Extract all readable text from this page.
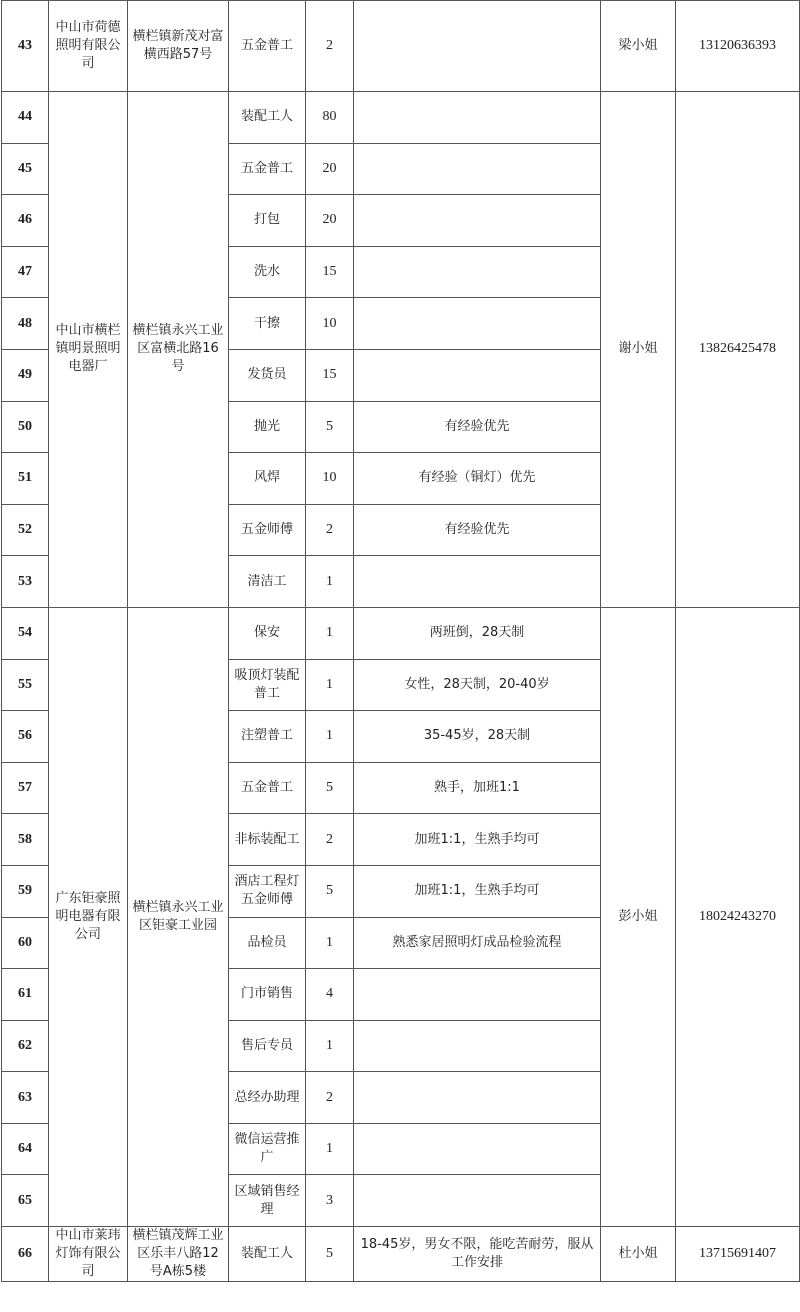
43	中山市荷德照明有限公司	横栏镇新茂对富横西路57号	五金普工	2		梁小姐	13120636393
44	中山市横栏镇明景照明电器厂	横栏镇永兴工业区富横北路16号	装配工人	80		谢小姐	13826425478
45			五金普工	20			
46			打包	20			
47			洗水	15			
48			干擦	10			
49			发货员	15			
50			抛光	5	有经验优先		
51			风焊	10	有经验（铜灯）优先		
52			五金师傅	2	有经验优先		
53			清洁工	1			
54	广东钜豪照明电器有限公司	横栏镇永兴工业区钜豪工业园	保安	1	两班倒，28天制	彭小姐	18024243270
55			吸顶灯装配普工	1	女性，28天制，20-40岁		
56			注塑普工	1	35-45岁，28天制		
57			五金普工	5	熟手，加班1:1		
58			非标装配工	2	加班1:1，生熟手均可		
59			酒店工程灯五金师傅	5	加班1:1，生熟手均可		
60			品检员	1	熟悉家居照明灯成品检验流程		
61			门市销售	4			
62			售后专员	1			
63			总经办助理	2			
64			微信运营推广	1			
65			区域销售经理	3			
66	中山市莱玮灯饰有限公司	横栏镇茂辉工业区乐丰八路12号A栋5楼	装配工人	5	18-45岁，男女不限，能吃苦耐劳，服从工作安排	杜小姐	13715691407
